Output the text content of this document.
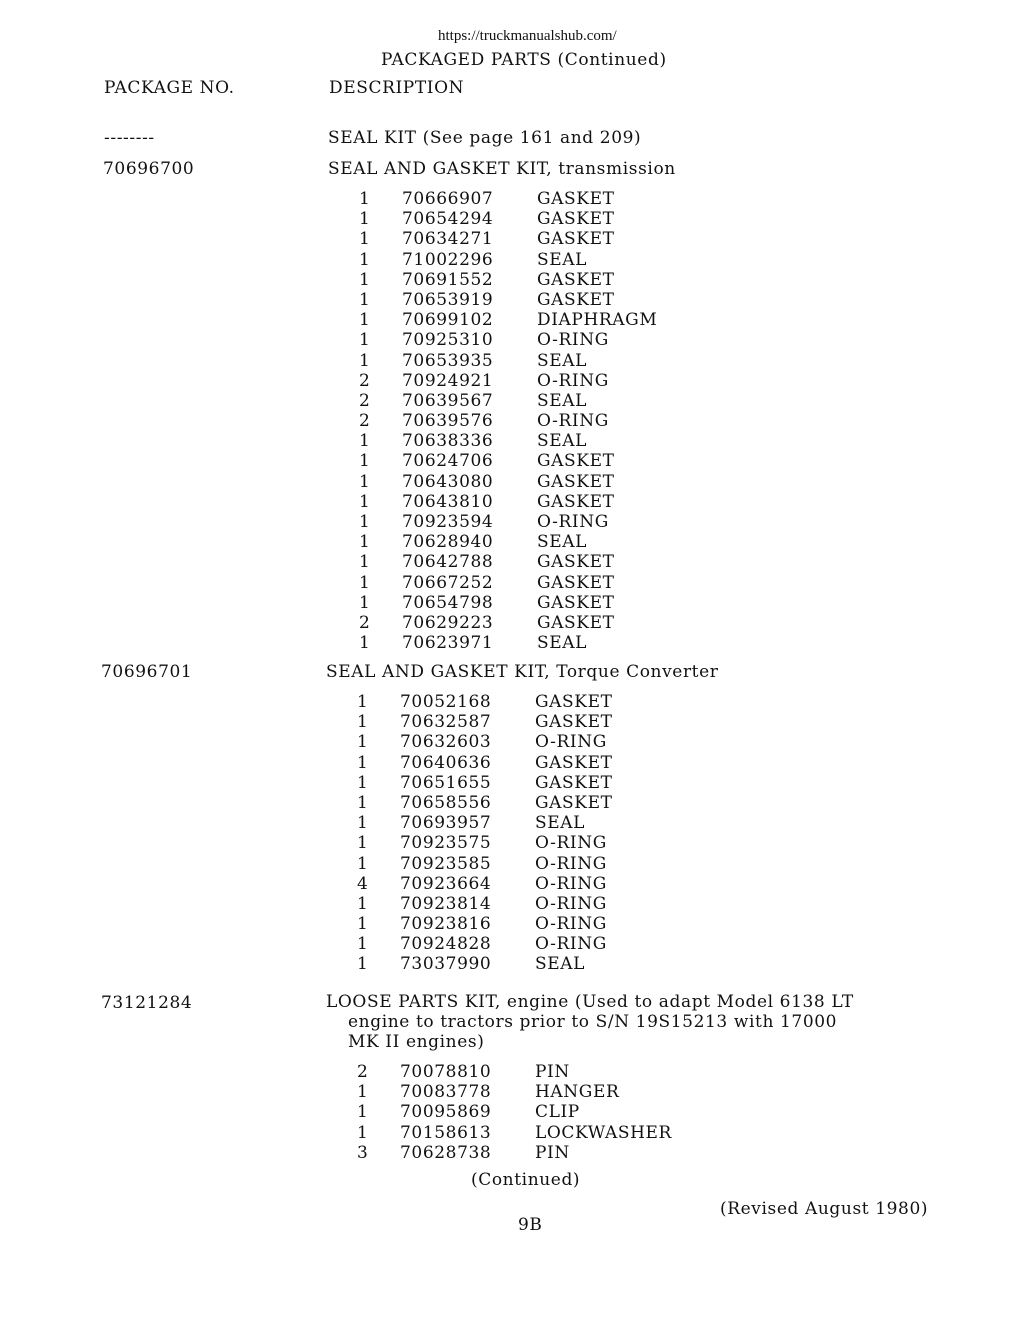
https://truckmanualshub.com/
PACKAGED PARTS (Continued)
PACKAGE NO.	DESCRIPTION
--------	SEAL KIT (See page 161 and 209)
70696700	SEAL AND GASKET KIT, transmission
1 70666907	GASKET
1 70654294	GASKET
1 70634271	GASKET
1 71002296	SEAL
1 70691552	GASKET
1 70653919	GASKET
1 70699102	DIAPHRAGM
1 70925310	O-RING
1 70653935	SEAL
2 70924921	O-RING
2 70639567	SEAL
2 70639576	O-RING
1 70638336	SEAL
1 70624706	GASKET
1 70643080	GASKET
1 70643810	GASKET
1 70923594	O-RING
1 70628940	SEAL
1 70642788	GASKET
1 70667252	GASKET
1 70654798	GASKET
2 70629223	GASKET
1 70623971	SEAL
70696701	SEAL AND GASKET KIT, Torque Converter
1 70052168	GASKET
1 70632587	GASKET
1 70632603	O-RING
1 70640636	GASKET
1 70651655	GASKET
1 70658556	GASKET
1 70693957	SEAL
1 70923575	O-RING
1 70923585	O-RING
4 70923664	O-RING
1 70923814	O-RING
1 70923816	O-RING
1 70924828	O-RING
1 73037990	SEAL
73121284	LOOSE PARTS KIT, engine (Used to adapt Model 6138 LT
engine to tractors prior to S/N 19S15213 with 17000
MK II engines)
2 70078810	PIN
1 70083778	HANGER
1 70095869	CLIP
1 70158613	LOCKWASHER
3 70628738	PIN
(Continued)
(Revised August 1980)
9B
